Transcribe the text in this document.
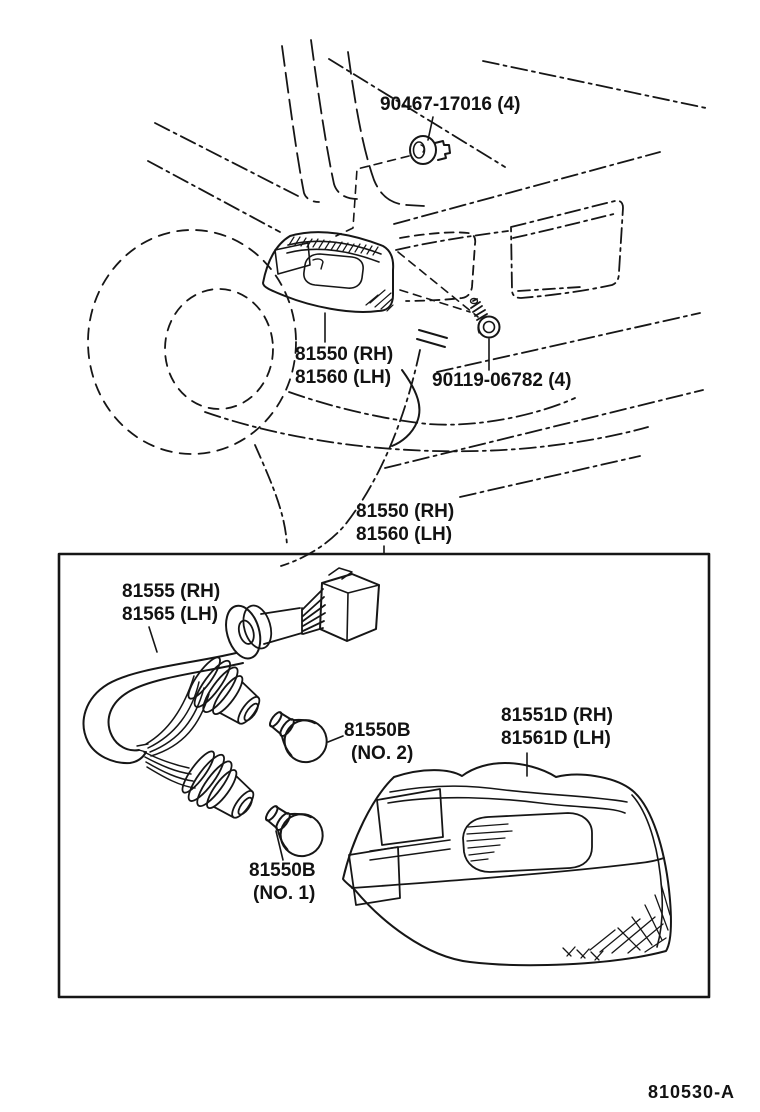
90467-17016 (4)
81550 (RH)
81560 (LH) 90119-06782 (4)
81550 (RH)
81560 (LH)
81555 (RH)
81565 (LH)
81550B
(NO. 2)
81551D (RH)
81561D (LH)
81550B
(NO. 1)
810530-A
